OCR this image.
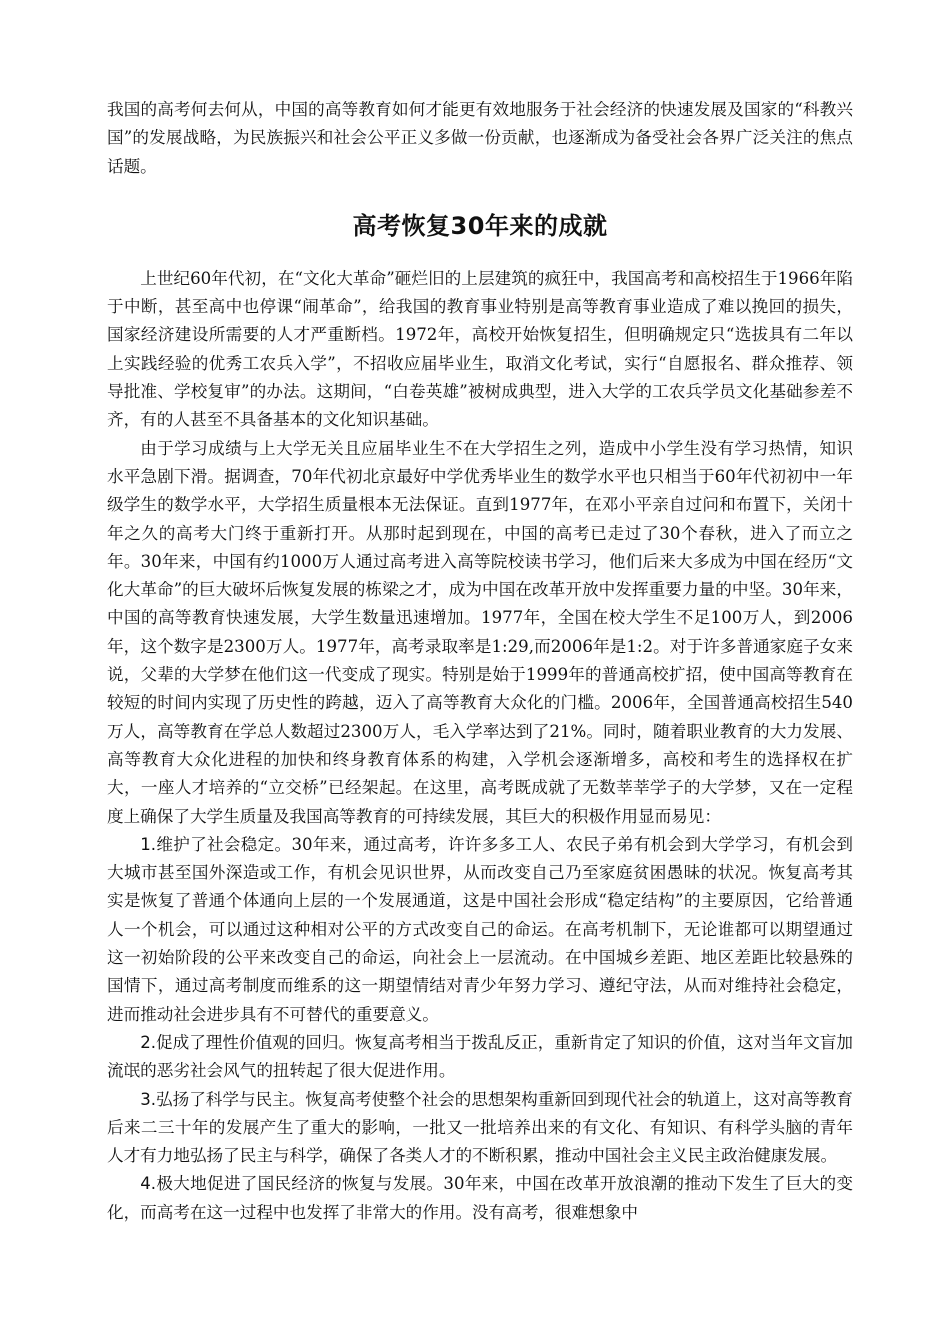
我国的高考何去何从，中国的高等教育如何才能更有效地服务于社会经济的快速发展及国家的“科教兴国”的发展战略，为民族振兴和社会公平正义多做一份贡献，也逐渐成为备受社会各界广泛关注的焦点话题。

高考恢复30年来的成就

上世纪60年代初，在“文化大革命”砸烂旧的上层建筑的疯狂中，我国高考和高校招生于1966年陷于中断，甚至高中也停课“闹革命”，给我国的教育事业特别是高等教育事业造成了难以挽回的损失，国家经济建设所需要的人才严重断档。1972年，高校开始恢复招生，但明确规定只“选拔具有二年以上实践经验的优秀工农兵入学”，不招收应届毕业生，取消文化考试，实行“自愿报名、群众推荐、领导批准、学校复审”的办法。这期间，“白卷英雄”被树成典型，进入大学的工农兵学员文化基础参差不齐，有的人甚至不具备基本的文化知识基础。

由于学习成绩与上大学无关且应届毕业生不在大学招生之列，造成中小学生没有学习热情，知识水平急剧下滑。据调查，70年代初北京最好中学优秀毕业生的数学水平也只相当于60年代初初中一年级学生的数学水平，大学招生质量根本无法保证。直到1977年，在邓小平亲自过问和布置下，关闭十年之久的高考大门终于重新打开。从那时起到现在，中国的高考已走过了30个春秋，进入了而立之年。30年来，中国有约1000万人通过高考进入高等院校读书学习，他们后来大多成为中国在经历“文化大革命”的巨大破坏后恢复发展的栋梁之才，成为中国在改革开放中发挥重要力量的中坚。30年来，中国的高等教育快速发展，大学生数量迅速增加。1977年，全国在校大学生不足100万人，到2006年，这个数字是2300万人。1977年，高考录取率是1:29,而2006年是1:2。对于许多普通家庭子女来说，父辈的大学梦在他们这一代变成了现实。特别是始于1999年的普通高校扩招，使中国高等教育在较短的时间内实现了历史性的跨越，迈入了高等教育大众化的门槛。2006年，全国普通高校招生540万人，高等教育在学总人数超过2300万人，毛入学率达到了21%。同时，随着职业教育的大力发展、高等教育大众化进程的加快和终身教育体系的构建，入学机会逐渐增多，高校和考生的选择权在扩大，一座人才培养的“立交桥”已经架起。在这里，高考既成就了无数莘莘学子的大学梦，又在一定程度上确保了大学生质量及我国高等教育的可持续发展，其巨大的积极作用显而易见：

1.维护了社会稳定。30年来，通过高考，许许多多工人、农民子弟有机会到大学学习，有机会到大城市甚至国外深造或工作，有机会见识世界，从而改变自己乃至家庭贫困愚昧的状况。恢复高考其实是恢复了普通个体通向上层的一个发展通道，这是中国社会形成“稳定结构”的主要原因，它给普通人一个机会，可以通过这种相对公平的方式改变自己的命运。在高考机制下，无论谁都可以期望通过这一初始阶段的公平来改变自己的命运，向社会上一层流动。在中国城乡差距、地区差距比较悬殊的国情下，通过高考制度而维系的这一期望情结对青少年努力学习、遵纪守法，从而对维持社会稳定，进而推动社会进步具有不可替代的重要意义。

2.促成了理性价值观的回归。恢复高考相当于拨乱反正，重新肯定了知识的价值，这对当年文盲加流氓的恶劣社会风气的扭转起了很大促进作用。

3.弘扬了科学与民主。恢复高考使整个社会的思想架构重新回到现代社会的轨道上，这对高等教育后来二三十年的发展产生了重大的影响，一批又一批培养出来的有文化、有知识、有科学头脑的青年人才有力地弘扬了民主与科学，确保了各类人才的不断积累，推动中国社会主义民主政治健康发展。

4.极大地促进了国民经济的恢复与发展。30年来，中国在改革开放浪潮的推动下发生了巨大的变化，而高考在这一过程中也发挥了非常大的作用。没有高考，很难想象中
